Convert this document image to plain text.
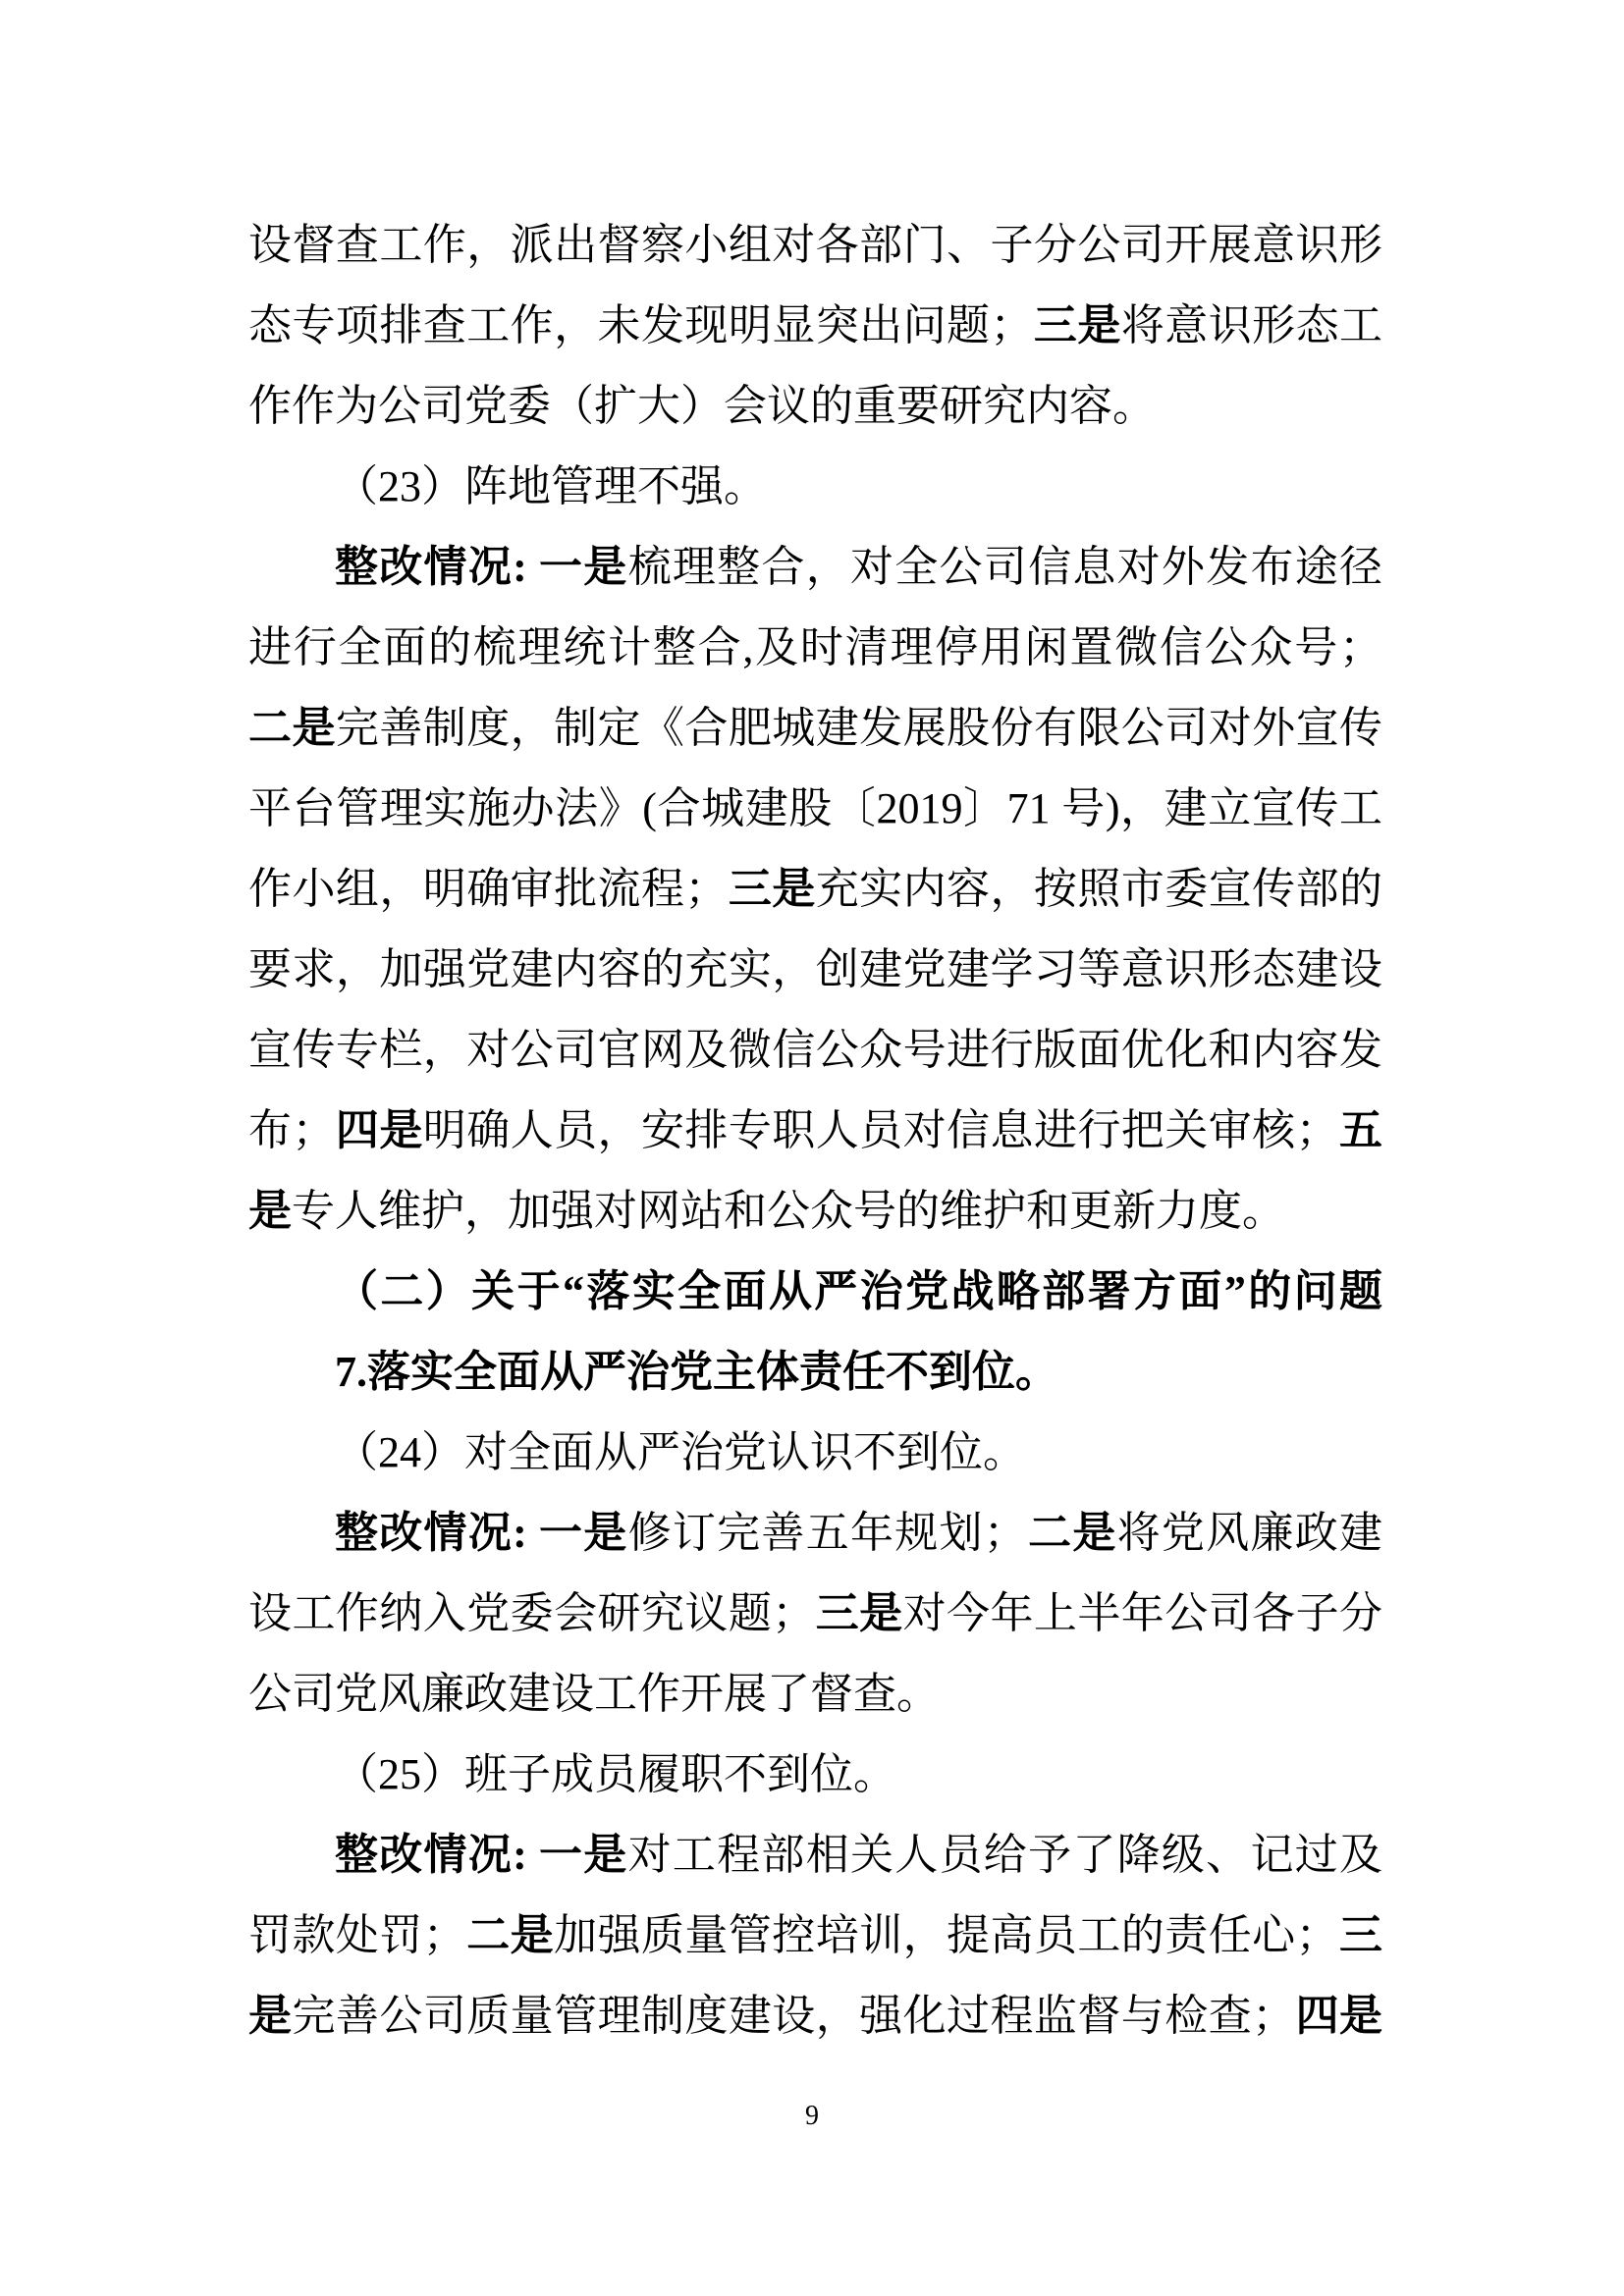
设督查工作，派出督察小组对各部门、子分公司开展意识形
态专项排查工作，未发现明显突出问题；三是将意识形态工
作作为公司党委（扩大）会议的重要研究内容。
（23）阵地管理不强。
整改情况: 一是梳理整合，对全公司信息对外发布途径
进行全面的梳理统计整合,及时清理停用闲置微信公众号；
二是完善制度，制定《合肥城建发展股份有限公司对外宣传
平台管理实施办法》(合城建股〔2019〕71 号)，建立宣传工
作小组，明确审批流程；三是充实内容，按照市委宣传部的
要求，加强党建内容的充实，创建党建学习等意识形态建设
宣传专栏，对公司官网及微信公众号进行版面优化和内容发
布；四是明确人员，安排专职人员对信息进行把关审核；五
是专人维护，加强对网站和公众号的维护和更新力度。
（二）关于“落实全面从严治党战略部署方面”的问题
7.落实全面从严治党主体责任不到位。
（24）对全面从严治党认识不到位。
整改情况: 一是修订完善五年规划；二是将党风廉政建
设工作纳入党委会研究议题；三是对今年上半年公司各子分
公司党风廉政建设工作开展了督查。
（25）班子成员履职不到位。
整改情况: 一是对工程部相关人员给予了降级、记过及
罚款处罚；二是加强质量管控培训，提高员工的责任心；三
是完善公司质量管理制度建设，强化过程监督与检查；四是
9
